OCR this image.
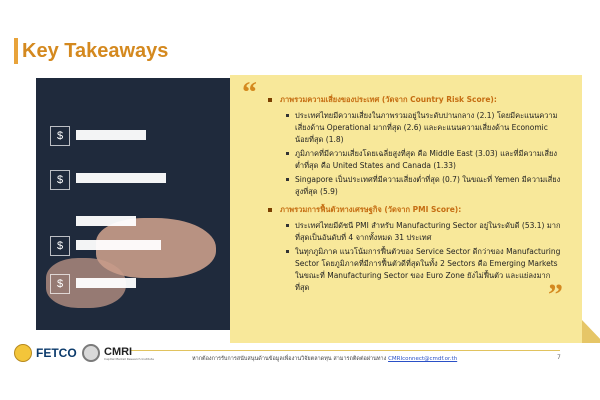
Key Takeaways
$
$
$
$
“
”
ภาพรวมความเสี่ยงของประเทศ (วัดจาก Country Risk Score):
ประเทศไทยมีความเสี่ยงในภาพรวมอยู่ในระดับปานกลาง (2.1) โดยมีคะแนนความเสี่ยงด้าน Operational มากที่สุด (2.6) และคะแนนความเสี่ยงด้าน Economic น้อยที่สุด (1.8)
ภูมิภาคที่มีความเสี่ยงโดยเฉลี่ยสูงที่สุด คือ Middle East (3.03) และที่มีความเสี่ยงต่ำที่สุด คือ United States and Canada (1.33)
Singapore เป็นประเทศที่มีความเสี่ยงต่ำที่สุด (0.7) ในขณะที่ Yemen มีความเสี่ยงสูงที่สุด (5.9)
ภาพรวมการฟื้นตัวทางเศรษฐกิจ (วัดจาก PMI Score):
ประเทศไทยมีดัชนี PMI สำหรับ Manufacturing Sector อยู่ในระดับดี (53.1) มากที่สุดเป็นอันดับที่ 4 จากทั้งหมด 31 ประเทศ
ในทุกภูมิภาค แนวโน้มการฟื้นตัวของ Service Sector ดีกว่าของ Manufacturing Sector โดยภูมิภาคที่มีการฟื้นตัวดีที่สุดในทั้ง 2 Sectors คือ Emerging Markets ในขณะที่ Manufacturing Sector ของ Euro Zone ยังไม่ฟื้นตัว และแย่ลงมากที่สุด
FETCO CMRI
Capital Market Research Institute	หากต้องการรับการสนับสนุนด้านข้อมูลเพื่องานวิจัยตลาดทุน สามารถติดต่อผ่านทาง CMRIconnect@cmdf.or.th	7
